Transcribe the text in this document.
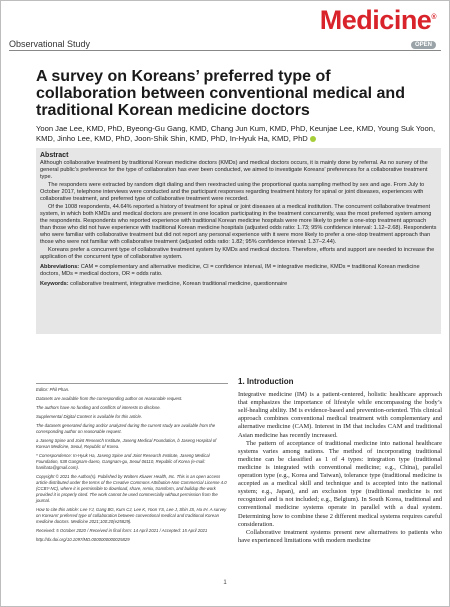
Medicine®
OPEN
Observational Study
A survey on Koreans’ preferred type of collaboration between conventional medical and traditional Korean medicine doctors
Yoon Jae Lee, KMD, PhD, Byeong-Gu Gang, KMD, Chang Jun Kum, KMD, PhD, Keunjae Lee, KMD, Young Suk Yoon, KMD, Jinho Lee, KMD, PhD, Joon-Shik Shin, KMD, PhD, In-Hyuk Ha, KMD, PhD
Abstract

Although collaborative treatment by traditional Korean medicine doctors (KMDs) and medical doctors occurs, it is mainly done by referral. As no survey of the general public’s preference for the type of collaboration has ever been conducted, we aimed to investigate Koreans’ preferences for a collaborative treatment type.

The responders were extracted by random digit dialing and then reextracted using the proportional quota sampling method by sex and age. From July to October 2017, telephone interviews were conducted and the participant responses regarding treatment history for spinal or joint diseases, experiences with collaborative treatment, and preferred type of collaborative treatment were recorded.

Of the 1008 respondents, 44.64% reported a history of treatment for spinal or joint diseases at a medical institution. The concurrent collaborative treatment system, in which both KMDs and medical doctors are present in one location participating in the treatment concurrently, was the most preferred system among the respondents. Respondents who reported experience with traditional Korean medicine hospitals were more likely to prefer a one-stop treatment approach than those who did not have experience with traditional Korean medicine hospitals (adjusted odds ratio: 1.73; 95% confidence interval: 1.12–2.68). Respondents who were familiar with collaborative treatment but did not report any personal experience with it were more likely to prefer a one-stop treatment approach than those who were not familiar with collaborative treatment (adjusted odds ratio: 1.82; 95% confidence interval: 1.37–2.44).

Koreans prefer a concurrent type of collaborative treatment system by KMDs and medical doctors. Therefore, efforts and support are needed to increase the application of the concurrent type of collaborative system.

Abbreviations: CAM = complementary and alternative medicine, CI = confidence interval, IM = integrative medicine, KMDs = traditional Korean medicine doctors, MDs = medical doctors, OR = odds ratio.

Keywords: collaborative treatment, integrative medicine, Korean traditional medicine, questionnaire

Editor: Phil Phan.

Datasets are available from the corresponding author on reasonable request.

The authors have no funding and conflicts of interests to disclose.

Supplemental Digital Content is available for this article.

The datasets generated during and/or analyzed during the current study are available from the corresponding author on reasonable request.

a Jaseng Spine and Joint Research Institute, Jaseng Medical Foundation, b Jaseng Hospital of Korean Medicine, Seoul, Republic of Korea.

* Correspondence: In-Hyuk Ha, Jaseng Spine and Joint Research Institute, Jaseng Medical Foundation, 538 Gangnam-daero, Gangnam-gu, Seoul 06110, Republic of Korea (e-mail: hanihata@gmail.com).

Copyright © 2021 the Author(s). Published by Wolters Kluwer Health, Inc. This is an open access article distributed under the terms of the Creative Commons Attribution-Non Commercial License 4.0 (CCBY-NC), where it is permissible to download, share, remix, transform, and buildup the work provided it is properly cited. The work cannot be used commercially without permission from the journal.

How to cite this article: Lee YJ, Gang BG, Kum CJ, Lee K, Yoon YS, Lee J, Shin JS, Ha IH. A survey on Koreans’ preferred type of collaboration between conventional medical and traditional Korean medicine doctors. Medicine 2021;100:20(e25829).

Received: 5 October 2020 / Received in final form: 14 April 2021 / Accepted: 15 April 2021

http://dx.doi.org/10.1097/MD.0000000000025829

1. Introduction

Integrative medicine (IM) is a patient-centered, holistic healthcare approach that emphasizes the importance of lifestyle while encompassing the body’s self-healing ability. IM is evidence-based and prevention-oriented. This clinical approach combines conventional medical treatment with complementary and alternative medicine (CAM). Interest in IM that includes CAM and traditional Asian medicine has recently increased.

The pattern of acceptance of traditional medicine into national healthcare systems varies among nations. The method of incorporating traditional medicine can be classified as 1 of 4 types: integration type (traditional medicine is integrated with conventional medicine; e.g., China), parallel operation type (e.g., Korea and Taiwan), tolerance type (traditional medicine is accepted as a medical skill and technique and is accepted into the national system; e.g., Japan), and an exclusion type (traditional medicine is not recognized and is not included; e.g., Belgium). In South Korea, traditional and conventional medicine systems operate in parallel with a dual system. Determining how to combine these 2 different medical systems requires careful consideration.

Collaborative treatment systems present new alternatives to patients who have experienced limitations with modern medicine

1
